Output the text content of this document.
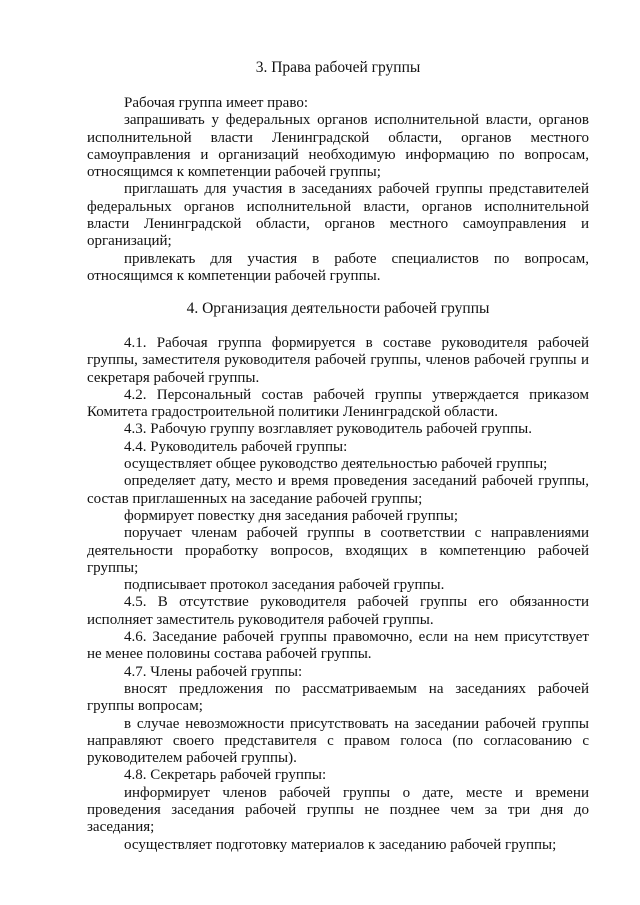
3. Права рабочей группы

Рабочая группа имеет право:

запрашивать у федеральных органов исполнительной власти, органов исполнительной власти Ленинградской области, органов местного самоуправления и организаций необходимую информацию по вопросам, относящимся к компетенции рабочей группы;

приглашать для участия в заседаниях рабочей группы представителей федеральных органов исполнительной власти, органов исполнительной власти Ленинградской области, органов местного самоуправления и организаций;

привлекать для участия в работе специалистов по вопросам, относящимся к компетенции рабочей группы.

4. Организация деятельности рабочей группы

4.1. Рабочая группа формируется в составе руководителя рабочей группы, заместителя руководителя рабочей группы, членов рабочей группы и секретаря рабочей группы.

4.2. Персональный состав рабочей группы утверждается приказом Комитета градостроительной политики Ленинградской области.

4.3. Рабочую группу возглавляет руководитель рабочей группы.

4.4. Руководитель рабочей группы:

осуществляет общее руководство деятельностью рабочей группы;

определяет дату, место и время проведения заседаний рабочей группы, состав приглашенных на заседание рабочей группы;

формирует повестку дня заседания рабочей группы;

поручает членам рабочей группы в соответствии с направлениями деятельности проработку вопросов, входящих в компетенцию рабочей группы;

подписывает протокол заседания рабочей группы.

4.5. В отсутствие руководителя рабочей группы его обязанности исполняет заместитель руководителя рабочей группы.

4.6. Заседание рабочей группы правомочно, если на нем присутствует не менее половины состава рабочей группы.

4.7. Члены рабочей группы:

вносят предложения по рассматриваемым на заседаниях рабочей группы вопросам;

в случае невозможности присутствовать на заседании рабочей группы направляют своего представителя с правом голоса (по согласованию с руководителем рабочей группы).

4.8. Секретарь рабочей группы:

информирует членов рабочей группы о дате, месте и времени проведения заседания рабочей группы не позднее чем за три дня до заседания;

осуществляет подготовку материалов к заседанию рабочей группы;
